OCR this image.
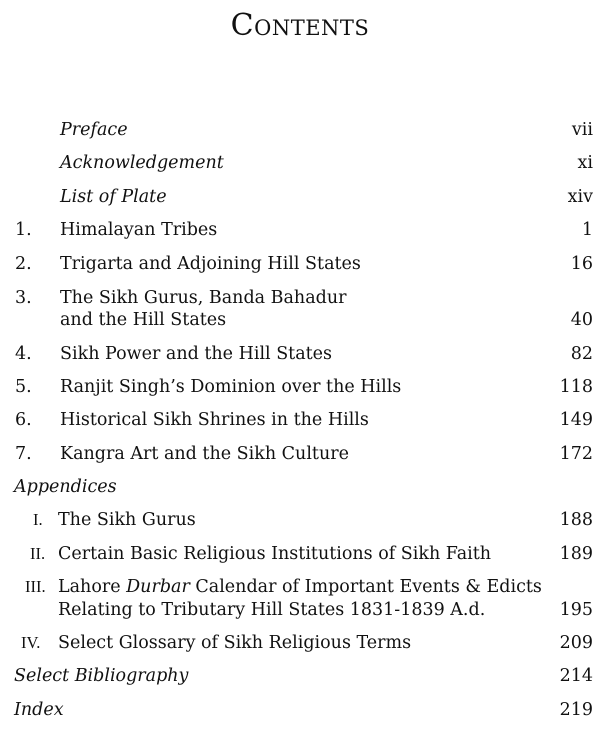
Contents
Preface	vii
Acknowledgement	xi
List of Plate	xiv
1. Himalayan Tribes	1
2. Trigarta and Adjoining Hill States	16
3. The Sikh Gurus, Banda Bahadur
and the Hill States	40
4. Sikh Power and the Hill States	82
5. Ranjit Singh’s Dominion over the Hills	118
6. Historical Sikh Shrines in the Hills	149
7. Kangra Art and the Sikh Culture	172
Appendices
I. The Sikh Gurus	188
II. Certain Basic Religious Institutions of Sikh Faith	189
III. Lahore Durbar Calendar of Important Events & Edicts
Relating to Tributary Hill States 1831-1839 A.d.	195
IV. Select Glossary of Sikh Religious Terms	209
Select Bibliography	214
Index	219
